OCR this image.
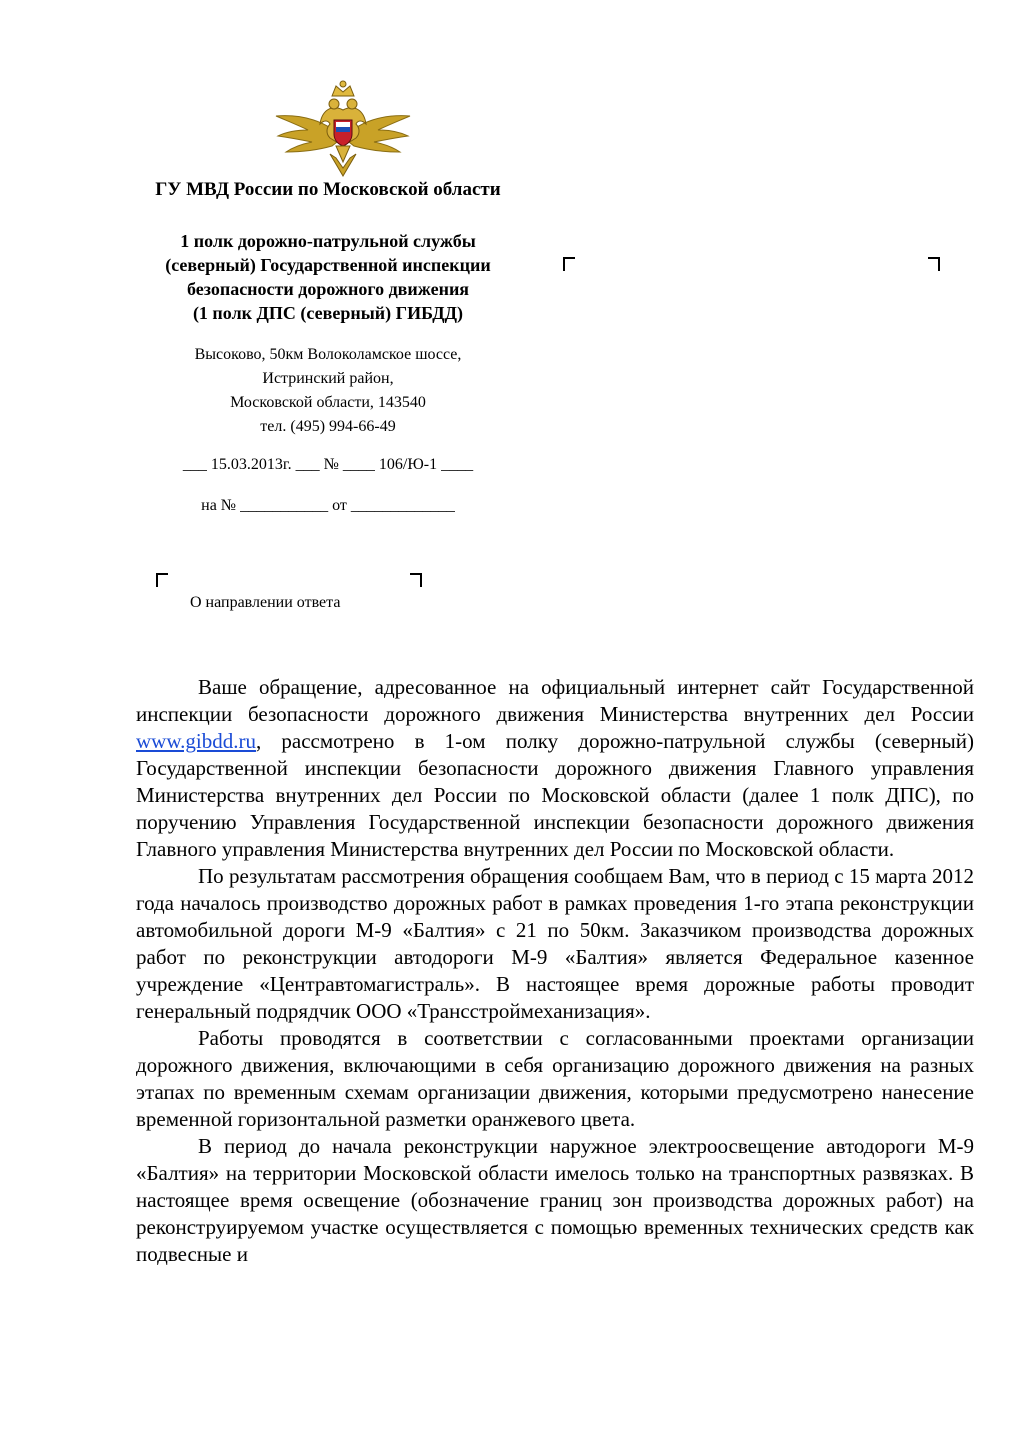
ГУ МВД России по Московской области
1 полк дорожно-патрульной службы
(северный) Государственной инспекции
безопасности дорожного движения
(1 полк ДПС (северный) ГИБДД)
Высоково, 50км Волоколамское шоссе,
Истринский район,
Московской области, 143540
тел. (495) 994-66-49
___ 15.03.2013г. ___ № ____ 106/Ю-1 ____
на № ___________ от _____________
О направлении ответа

Ваше обращение, адресованное на официальный интернет сайт Государственной инспекции безопасности дорожного движения Министерства внутренних дел России www.gibdd.ru, рассмотрено в 1-ом полку дорожно-патрульной службы (северный) Государственной инспекции безопасности дорожного движения Главного управления Министерства внутренних дел России по Московской области (далее 1 полк ДПС), по поручению Управления Государственной инспекции безопасности дорожного движения Главного управления Министерства внутренних дел России по Московской области.

По результатам рассмотрения обращения сообщаем Вам, что в период с 15 марта 2012 года началось производство дорожных работ в рамках проведения 1-го этапа реконструкции автомобильной дороги М-9 «Балтия» с 21 по 50км. Заказчиком производства дорожных работ по реконструкции автодороги М-9 «Балтия» является Федеральное казенное учреждение «Центравтомагистраль». В настоящее время дорожные работы проводит генеральный подрядчик ООО «Трансстроймеханизация».

Работы проводятся в соответствии с согласованными проектами организации дорожного движения, включающими в себя организацию дорожного движения на разных этапах по временным схемам организации движения, которыми предусмотрено нанесение временной горизонтальной разметки оранжевого цвета.

В период до начала реконструкции наружное электроосвещение автодороги М-9 «Балтия» на территории Московской области имелось только на транспортных развязках. В настоящее время освещение (обозначение границ зон производства дорожных работ) на реконструируемом участке осуществляется с помощью временных технических средств как подвесные и
